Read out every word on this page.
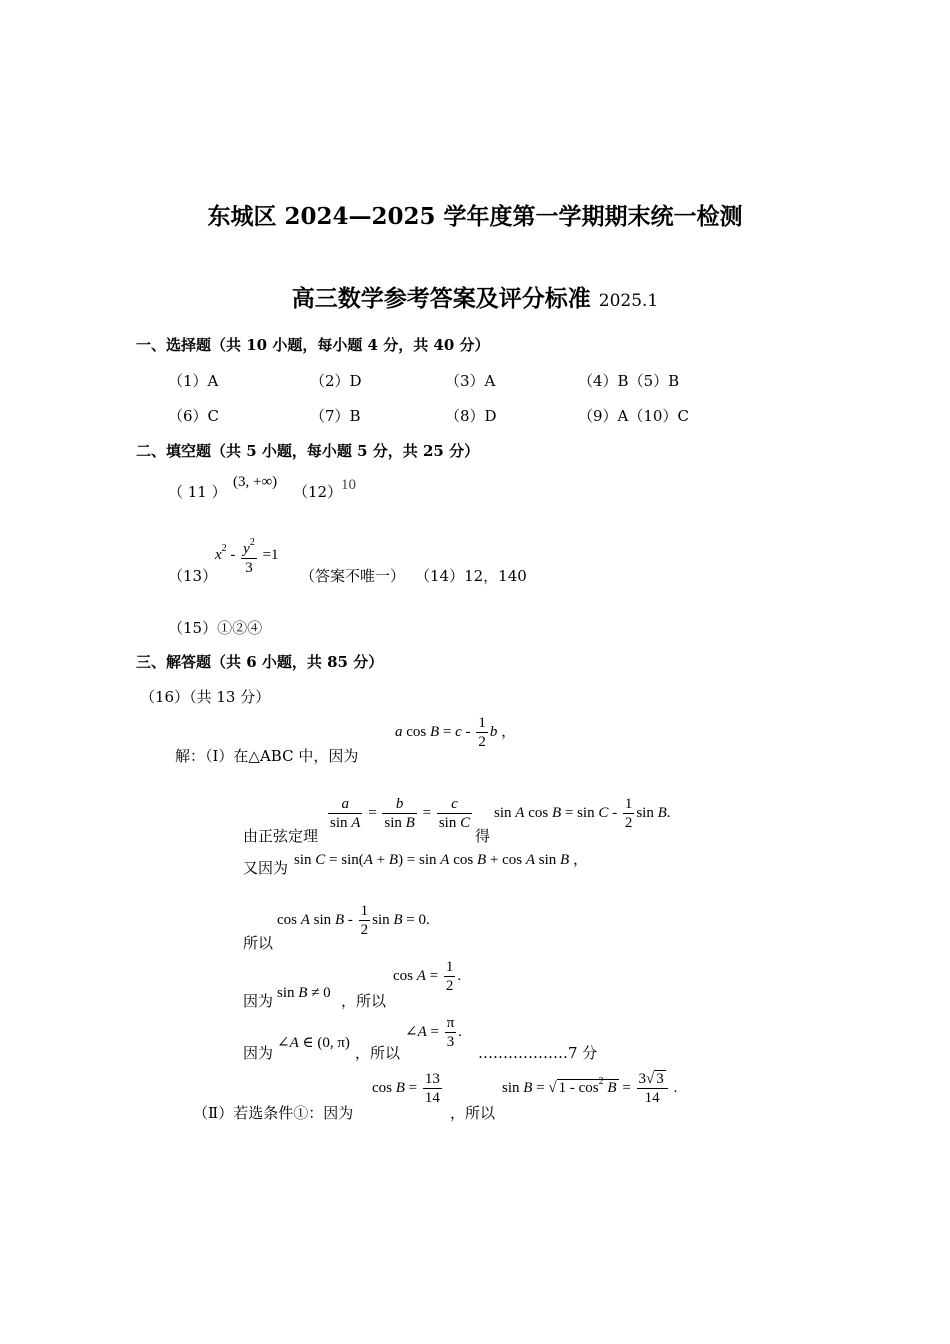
东城区 2024—2025 学年度第一学期期末统一检测
高三数学参考答案及评分标准 2025.1
一、选择题（共 10 小题，每小题 4 分，共 40 分）
（1）A	（2）D	（3）A	（4）B（5）B
（6）C	（7）B	（8）D	（9）A（10）C
二、填空题（共 5 小题，每小题 5 分，共 25 分）
（ 11 ）
(3, +∞)
（12）
10
（13）
$x^2 - \frac{y^2}{3} =1$
（答案不唯一） （14）12，140
（15）①②④
三、解答题（共 6 小题，共 85 分）
（16）（共 13 分）
解：（Ⅰ）在△ABC 中，因为
a $\cos B = c - \frac{1}{2}$ b ，
由正弦定理
$\frac{a}{\text{sin A}} = \frac{b}{\text{sin B}} = \frac{c}{\text{sin C}}$
得
sin A $\cos B = \sin C - \frac{1}{2}$ sin B.
又因为 sin C = sin(A + B) = sin A cos B + cos A sin B ，
所以
cos A sin B - $\frac{1}{2}$ sin B = 0.
因为 sin B ≠ 0 ，所以
$\cos A = \frac{1}{2}$ .
因为
∠A ∈ (0, π)
，所以
∠A = $\frac{\pi}{3}$ .
………………7 分
（Ⅱ）若选条件①：因为
$\cos B = \frac{13}{14}$
，所以
sin B = √ $1 - \cos^2 B = \frac{3√ 3}{14}$ .
